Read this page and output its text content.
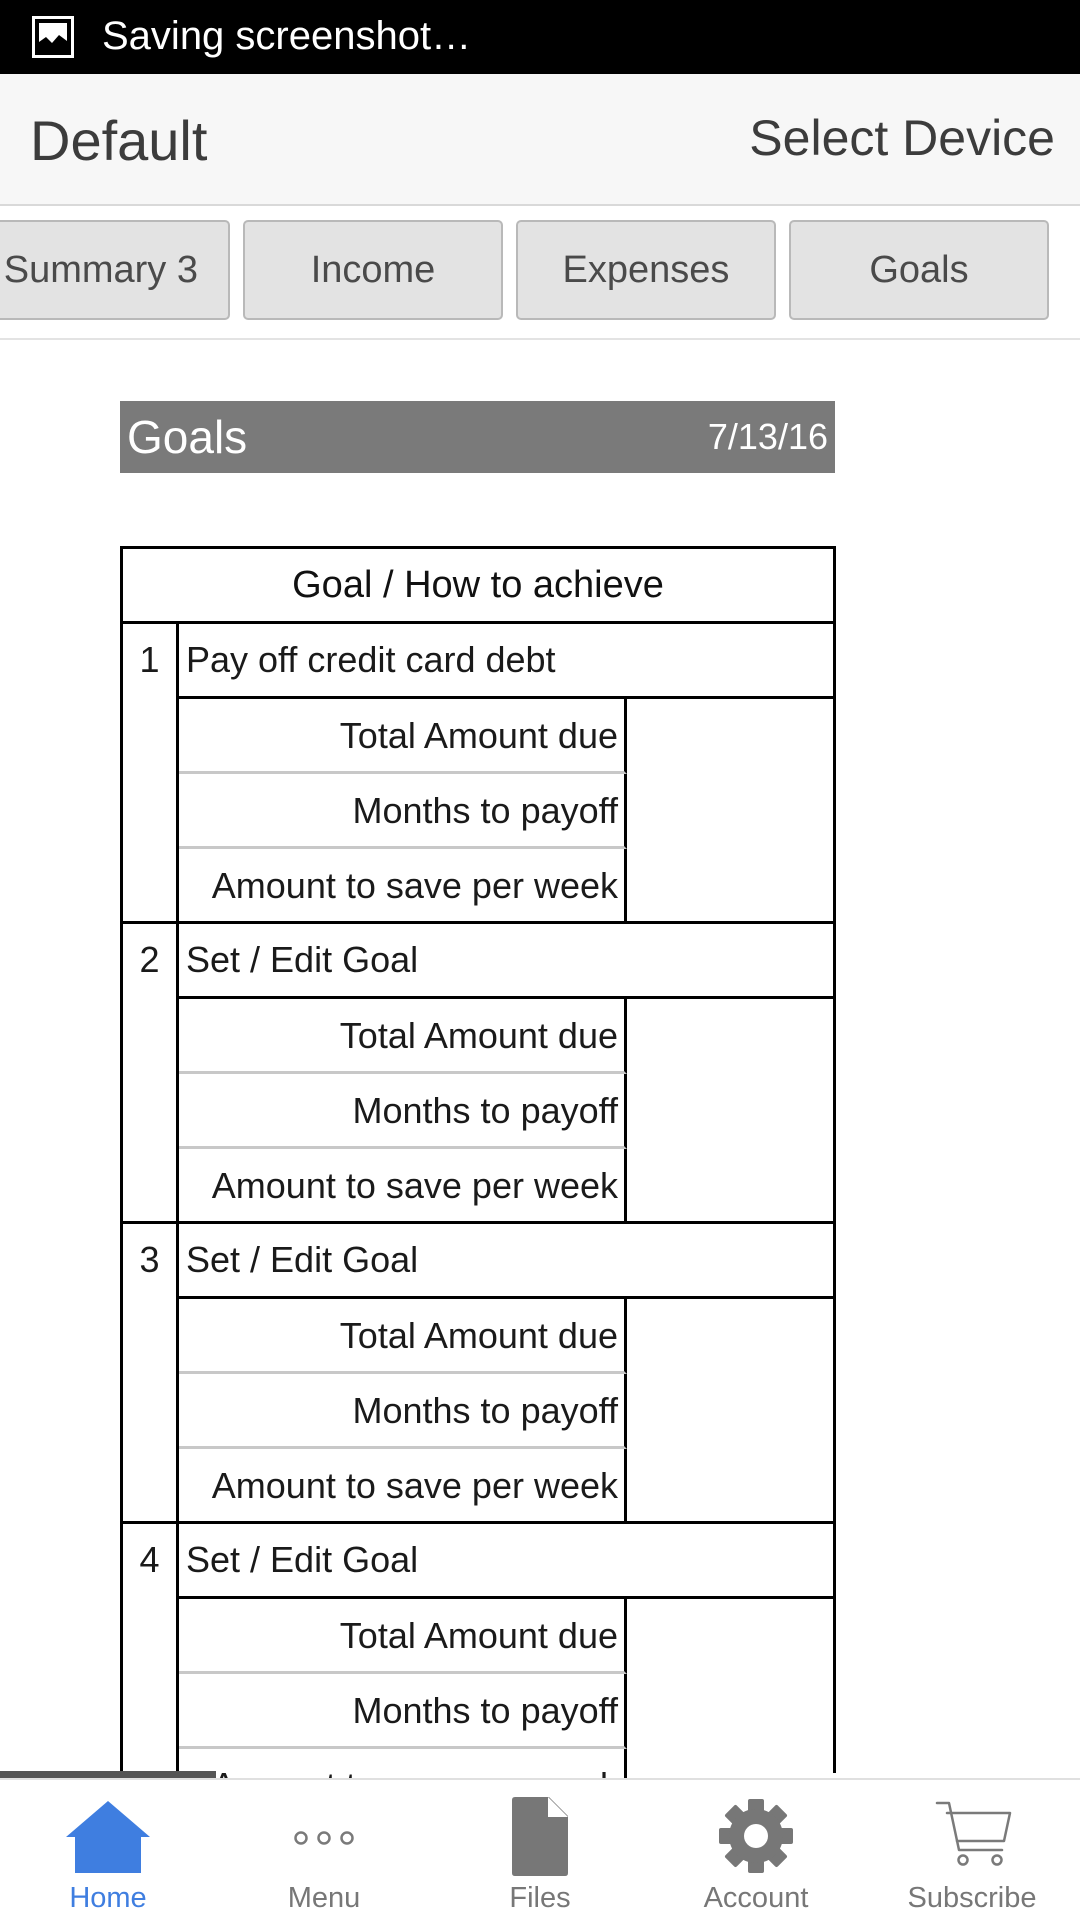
Saving screenshot…
Default	Select Device
Summary 3	Income	Expenses	Goals
Goals	7/13/16
Goal / How to achieve
1 Pay off credit card debt
Total Amount due
Months to payoff
Amount to save per week
2 Set / Edit Goal
Total Amount due
Months to payoff
Amount to save per week
3 Set / Edit Goal
Total Amount due
Months to payoff
Amount to save per week
4 Set / Edit Goal
Total Amount due
Months to payoff
Home	Menu	Files	Account	Subscribe
